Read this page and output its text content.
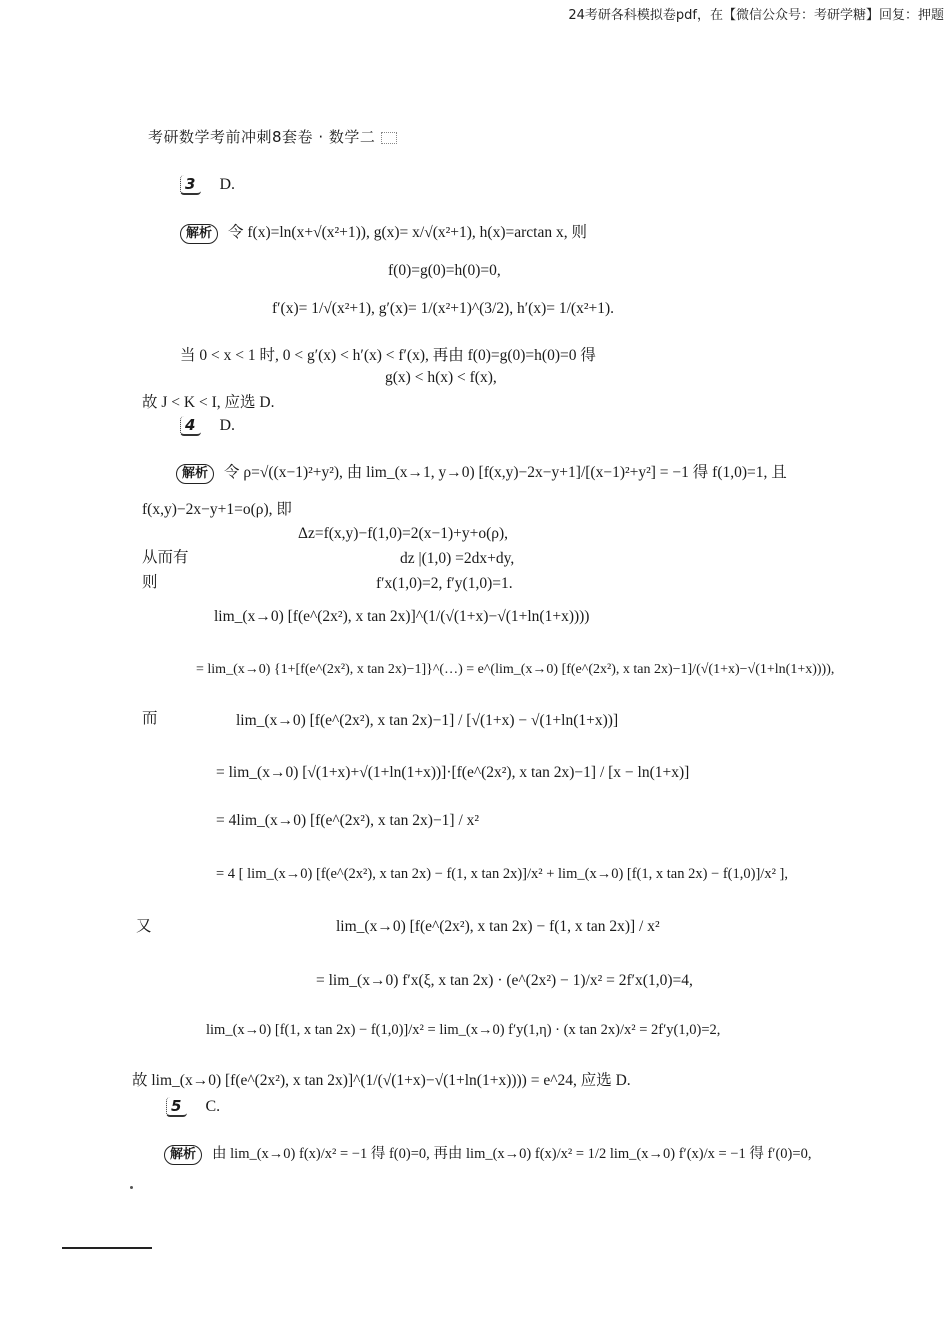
24考研各科模拟卷pdf，在【微信公众号：考研学糖】回复：押题
考研数学考前冲刺8套卷 · 数学二
3 D.
解析 令 f(x)=ln(x+√(x²+1)), g(x)= x/√(x²+1), h(x)=arctan x, 则
f(0)=g(0)=h(0)=0,
f′(x)= 1/√(x²+1), g′(x)= 1/(x²+1)^(3/2), h′(x)= 1/(x²+1).
当 0 < x < 1 时, 0 < g′(x) < h′(x) < f′(x), 再由 f(0)=g(0)=h(0)=0 得
g(x) < h(x) < f(x),
故 J < K < I, 应选 D.
4 D.
解析 令 ρ=√((x−1)²+y²), 由 lim_(x→1, y→0) [f(x,y)−2x−y+1]/[(x−1)²+y²] = −1 得 f(1,0)=1, 且
f(x,y)−2x−y+1=o(ρ), 即
Δz=f(x,y)−f(1,0)=2(x−1)+y+o(ρ),
从而有	dz |(1,0) =2dx+dy,
则	f′x(1,0)=2, f′y(1,0)=1.
lim_(x→0) [f(e^(2x²), x tan 2x)]^(1/(√(1+x)−√(1+ln(1+x))))
= lim_(x→0) {1+[f(e^(2x²), x tan 2x)−1]}^(…) = e^(lim_(x→0) [f(e^(2x²), x tan 2x)−1]/(√(1+x)−√(1+ln(1+x)))),
而	lim_(x→0) [f(e^(2x²), x tan 2x)−1] / [√(1+x) − √(1+ln(1+x))]
= lim_(x→0) [√(1+x)+√(1+ln(1+x))]·[f(e^(2x²), x tan 2x)−1] / [x − ln(1+x)]
= 4lim_(x→0) [f(e^(2x²), x tan 2x)−1] / x²
= 4 [ lim_(x→0) [f(e^(2x²), x tan 2x) − f(1, x tan 2x)]/x² + lim_(x→0) [f(1, x tan 2x) − f(1,0)]/x² ],
又	lim_(x→0) [f(e^(2x²), x tan 2x) − f(1, x tan 2x)] / x²
= lim_(x→0) f′x(ξ, x tan 2x) · (e^(2x²) − 1)/x² = 2f′x(1,0)=4,
lim_(x→0) [f(1, x tan 2x) − f(1,0)]/x² = lim_(x→0) f′y(1,η) · (x tan 2x)/x² = 2f′y(1,0)=2,
故 lim_(x→0) [f(e^(2x²), x tan 2x)]^(1/(√(1+x)−√(1+ln(1+x)))) = e^24, 应选 D.
5 C.
解析 由 lim_(x→0) f(x)/x² = −1 得 f(0)=0, 再由 lim_(x→0) f(x)/x² = 1/2 lim_(x→0) f′(x)/x = −1 得 f′(0)=0,
